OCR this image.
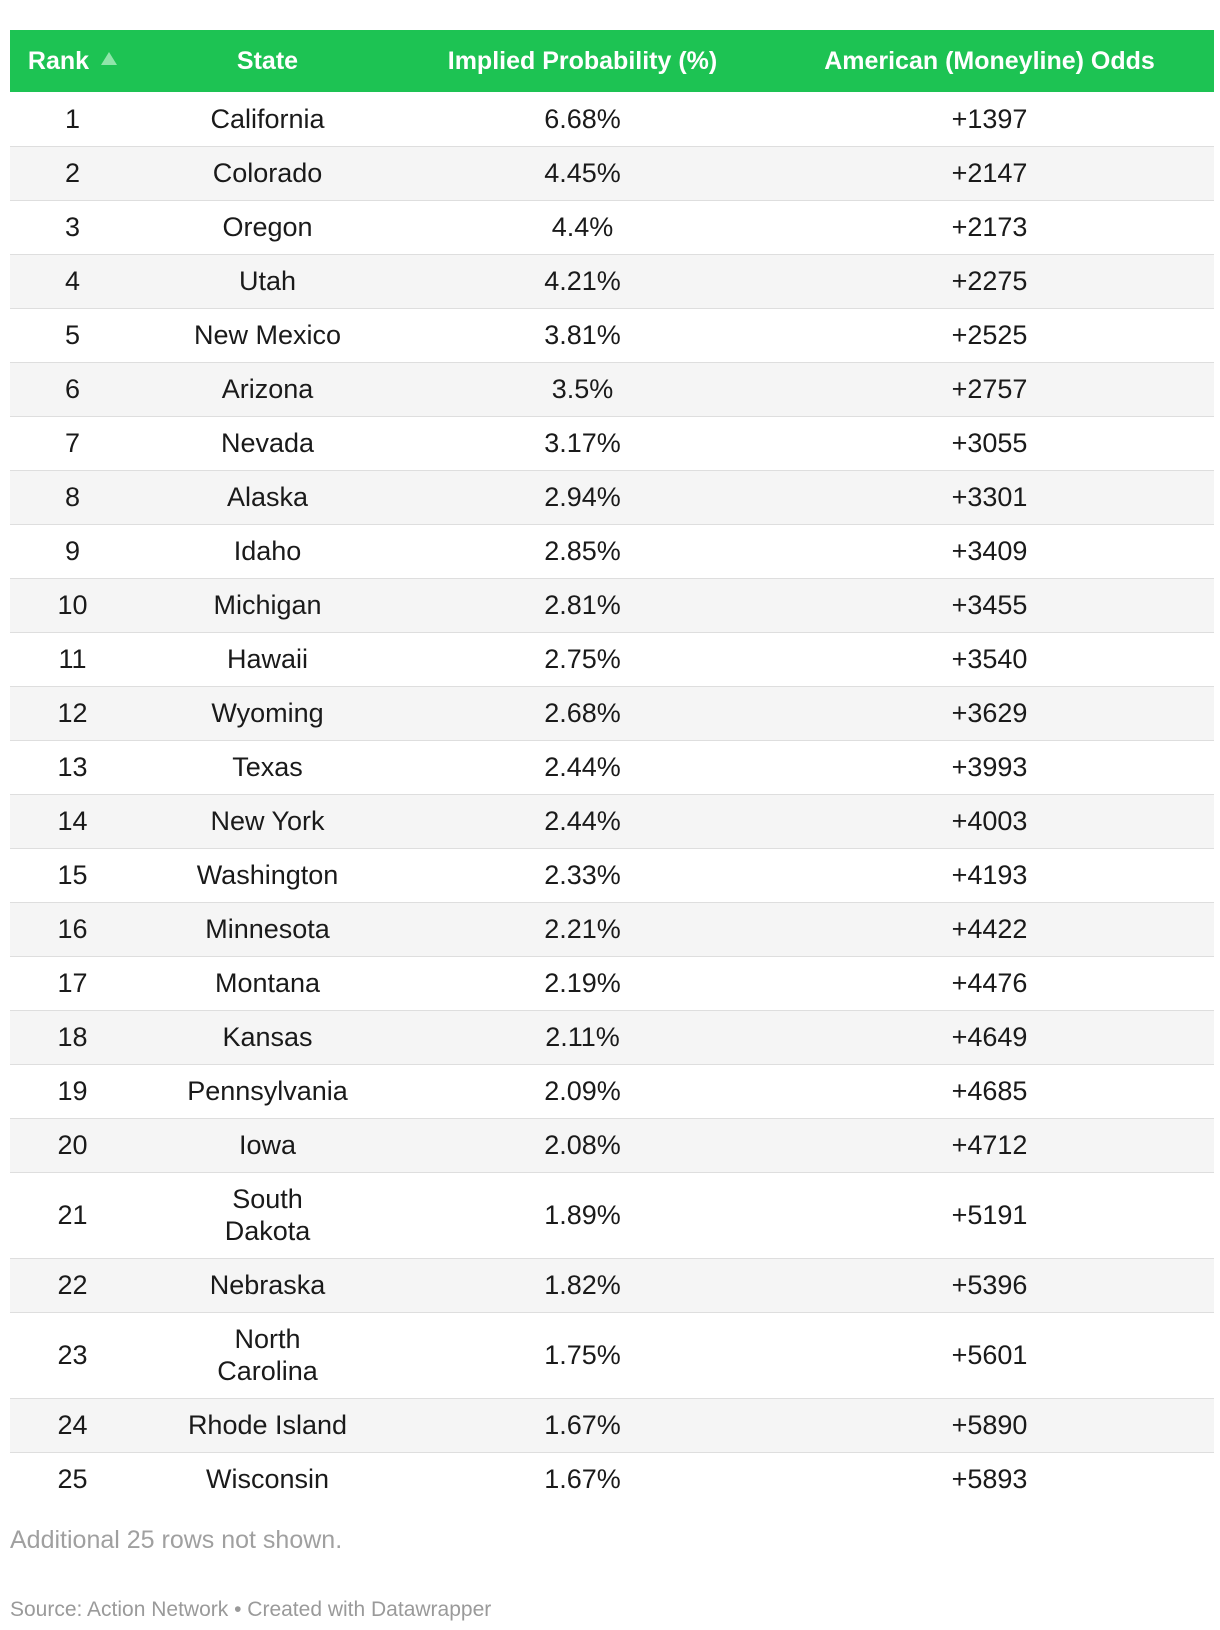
Rank	State	Implied Probability (%)	American (Moneyline) Odds
1	California	6.68%	+1397
2	Colorado	4.45%	+2147
3	Oregon	4.4%	+2173
4	Utah	4.21%	+2275
5	New Mexico	3.81%	+2525
6	Arizona	3.5%	+2757
7	Nevada	3.17%	+3055
8	Alaska	2.94%	+3301
9	Idaho	2.85%	+3409
10	Michigan	2.81%	+3455
11	Hawaii	2.75%	+3540
12	Wyoming	2.68%	+3629
13	Texas	2.44%	+3993
14	New York	2.44%	+4003
15	Washington	2.33%	+4193
16	Minnesota	2.21%	+4422
17	Montana	2.19%	+4476
18	Kansas	2.11%	+4649
19	Pennsylvania	2.09%	+4685
20	Iowa	2.08%	+4712
21	South Dakota	1.89%	+5191
22	Nebraska	1.82%	+5396
23	North Carolina	1.75%	+5601
24	Rhode Island	1.67%	+5890
25	Wisconsin	1.67%	+5893
Additional 25 rows not shown.
Source: Action Network • Created with Datawrapper
